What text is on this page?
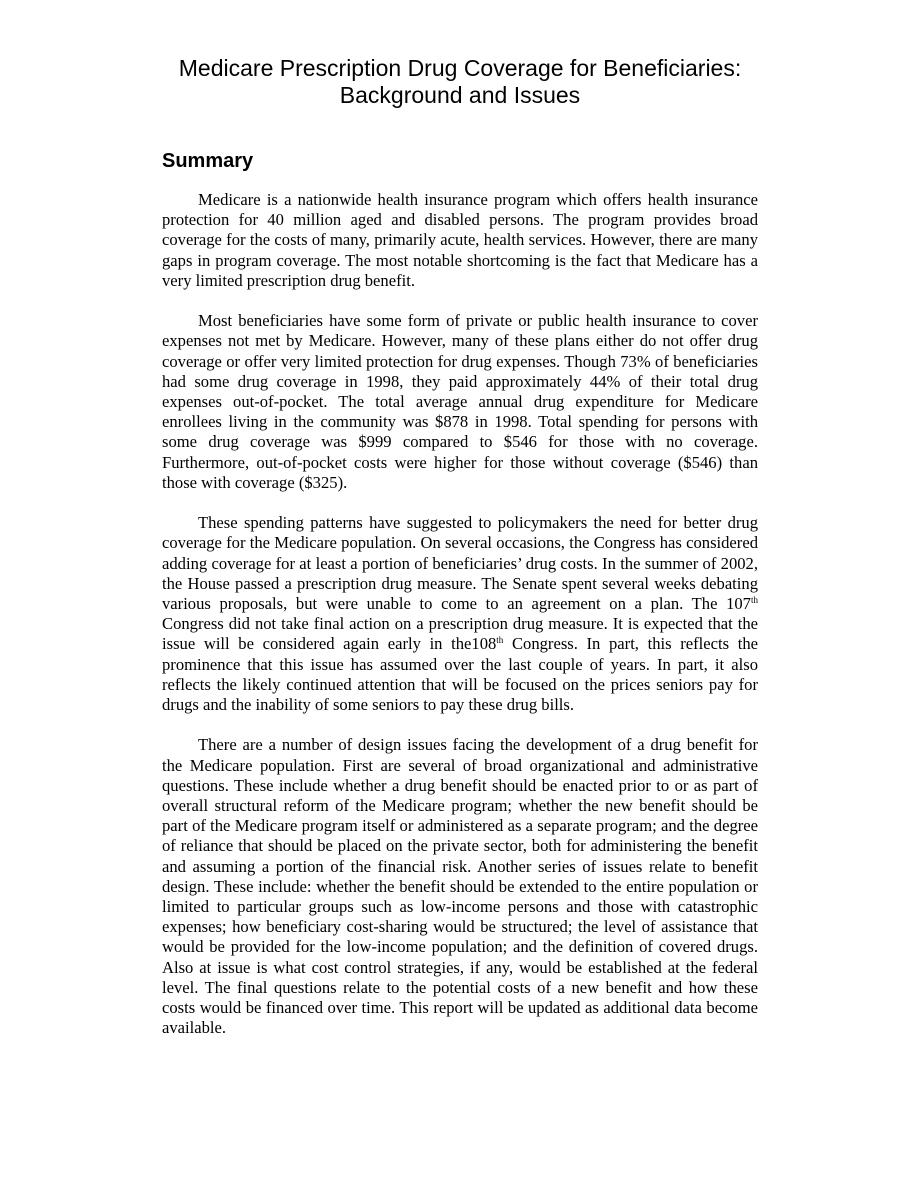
Medicare Prescription Drug Coverage for Beneficiaries:
Background and Issues
Summary

Medicare is a nationwide health insurance program which offers health insurance protection for 40 million aged and disabled persons. The program provides broad coverage for the costs of many, primarily acute, health services. However, there are many gaps in program coverage. The most notable shortcoming is the fact that Medicare has a very limited prescription drug benefit.

Most beneficiaries have some form of private or public health insurance to cover expenses not met by Medicare. However, many of these plans either do not offer drug coverage or offer very limited protection for drug expenses. Though 73% of beneficiaries had some drug coverage in 1998, they paid approximately 44% of their total drug expenses out-of-pocket. The total average annual drug expenditure for Medicare enrollees living in the community was $878 in 1998. Total spending for persons with some drug coverage was $999 compared to $546 for those with no coverage. Furthermore, out-of-pocket costs were higher for those without coverage ($546) than those with coverage ($325).

These spending patterns have suggested to policymakers the need for better drug coverage for the Medicare population. On several occasions, the Congress has considered adding coverage for at least a portion of beneficiaries’ drug costs. In the summer of 2002, the House passed a prescription drug measure. The Senate spent several weeks debating various proposals, but were unable to come to an agreement on a plan. The 107th Congress did not take final action on a prescription drug measure. It is expected that the issue will be considered again early in the108th Congress. In part, this reflects the prominence that this issue has assumed over the last couple of years. In part, it also reflects the likely continued attention that will be focused on the prices seniors pay for drugs and the inability of some seniors to pay these drug bills.

There are a number of design issues facing the development of a drug benefit for the Medicare population. First are several of broad organizational and administrative questions. These include whether a drug benefit should be enacted prior to or as part of overall structural reform of the Medicare program; whether the new benefit should be part of the Medicare program itself or administered as a separate program; and the degree of reliance that should be placed on the private sector, both for administering the benefit and assuming a portion of the financial risk. Another series of issues relate to benefit design. These include: whether the benefit should be extended to the entire population or limited to particular groups such as low-income persons and those with catastrophic expenses; how beneficiary cost-sharing would be structured; the level of assistance that would be provided for the low-income population; and the definition of covered drugs. Also at issue is what cost control strategies, if any, would be established at the federal level. The final questions relate to the potential costs of a new benefit and how these costs would be financed over time. This report will be updated as additional data become available.
